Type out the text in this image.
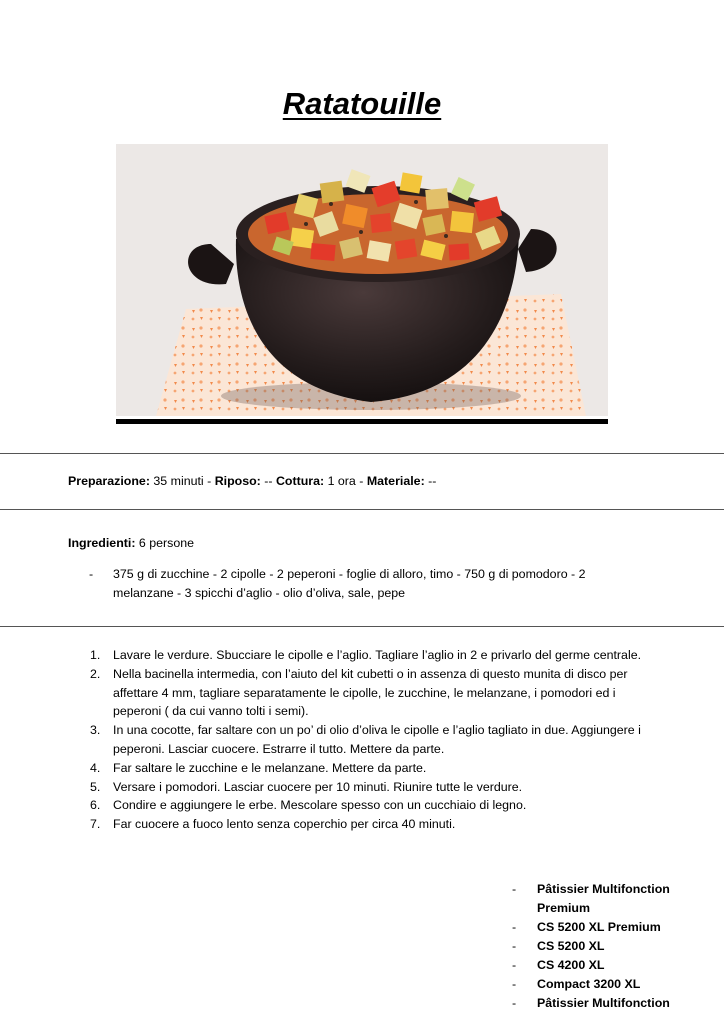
Ratatouille
Preparazione: 35 minuti - Riposo: -- Cottura: 1 ora - Materiale: --
Ingredienti: 6 persone
- 375 g di zucchine - 2 cipolle - 2 peperoni - foglie di alloro, timo - 750 g di pomodoro - 2 melanzane - 3 spicchi d’aglio - olio d’oliva, sale, pepe
1. Lavare le verdure. Sbucciare le cipolle e l’aglio. Tagliare l’aglio in 2 e privarlo del germe centrale.
2. Nella bacinella intermedia, con l’aiuto del kit cubetti o in assenza di questo munita di disco per affettare 4 mm, tagliare separatamente le cipolle, le zucchine, le melanzane, i pomodori ed i peperoni ( da cui vanno tolti i semi).
3. In una cocotte, far saltare con un po’ di olio d’oliva le cipolle e l’aglio tagliato in due. Aggiungere i peperoni. Lasciar cuocere. Estrarre il tutto. Mettere da parte.
4. Far saltare le zucchine e le melanzane. Mettere da parte.
5. Versare i pomodori. Lasciar cuocere per 10 minuti. Riunire tutte le verdure.
6. Condire e aggiungere le erbe. Mescolare spesso con un cucchiaio di legno.
7. Far cuocere a fuoco lento senza coperchio per circa 40 minuti.
- Pâtissier Multifonction Premium
- CS 5200 XL Premium
- CS 5200 XL
- CS 4200 XL
- Compact 3200 XL
- Pâtissier Multifonction
